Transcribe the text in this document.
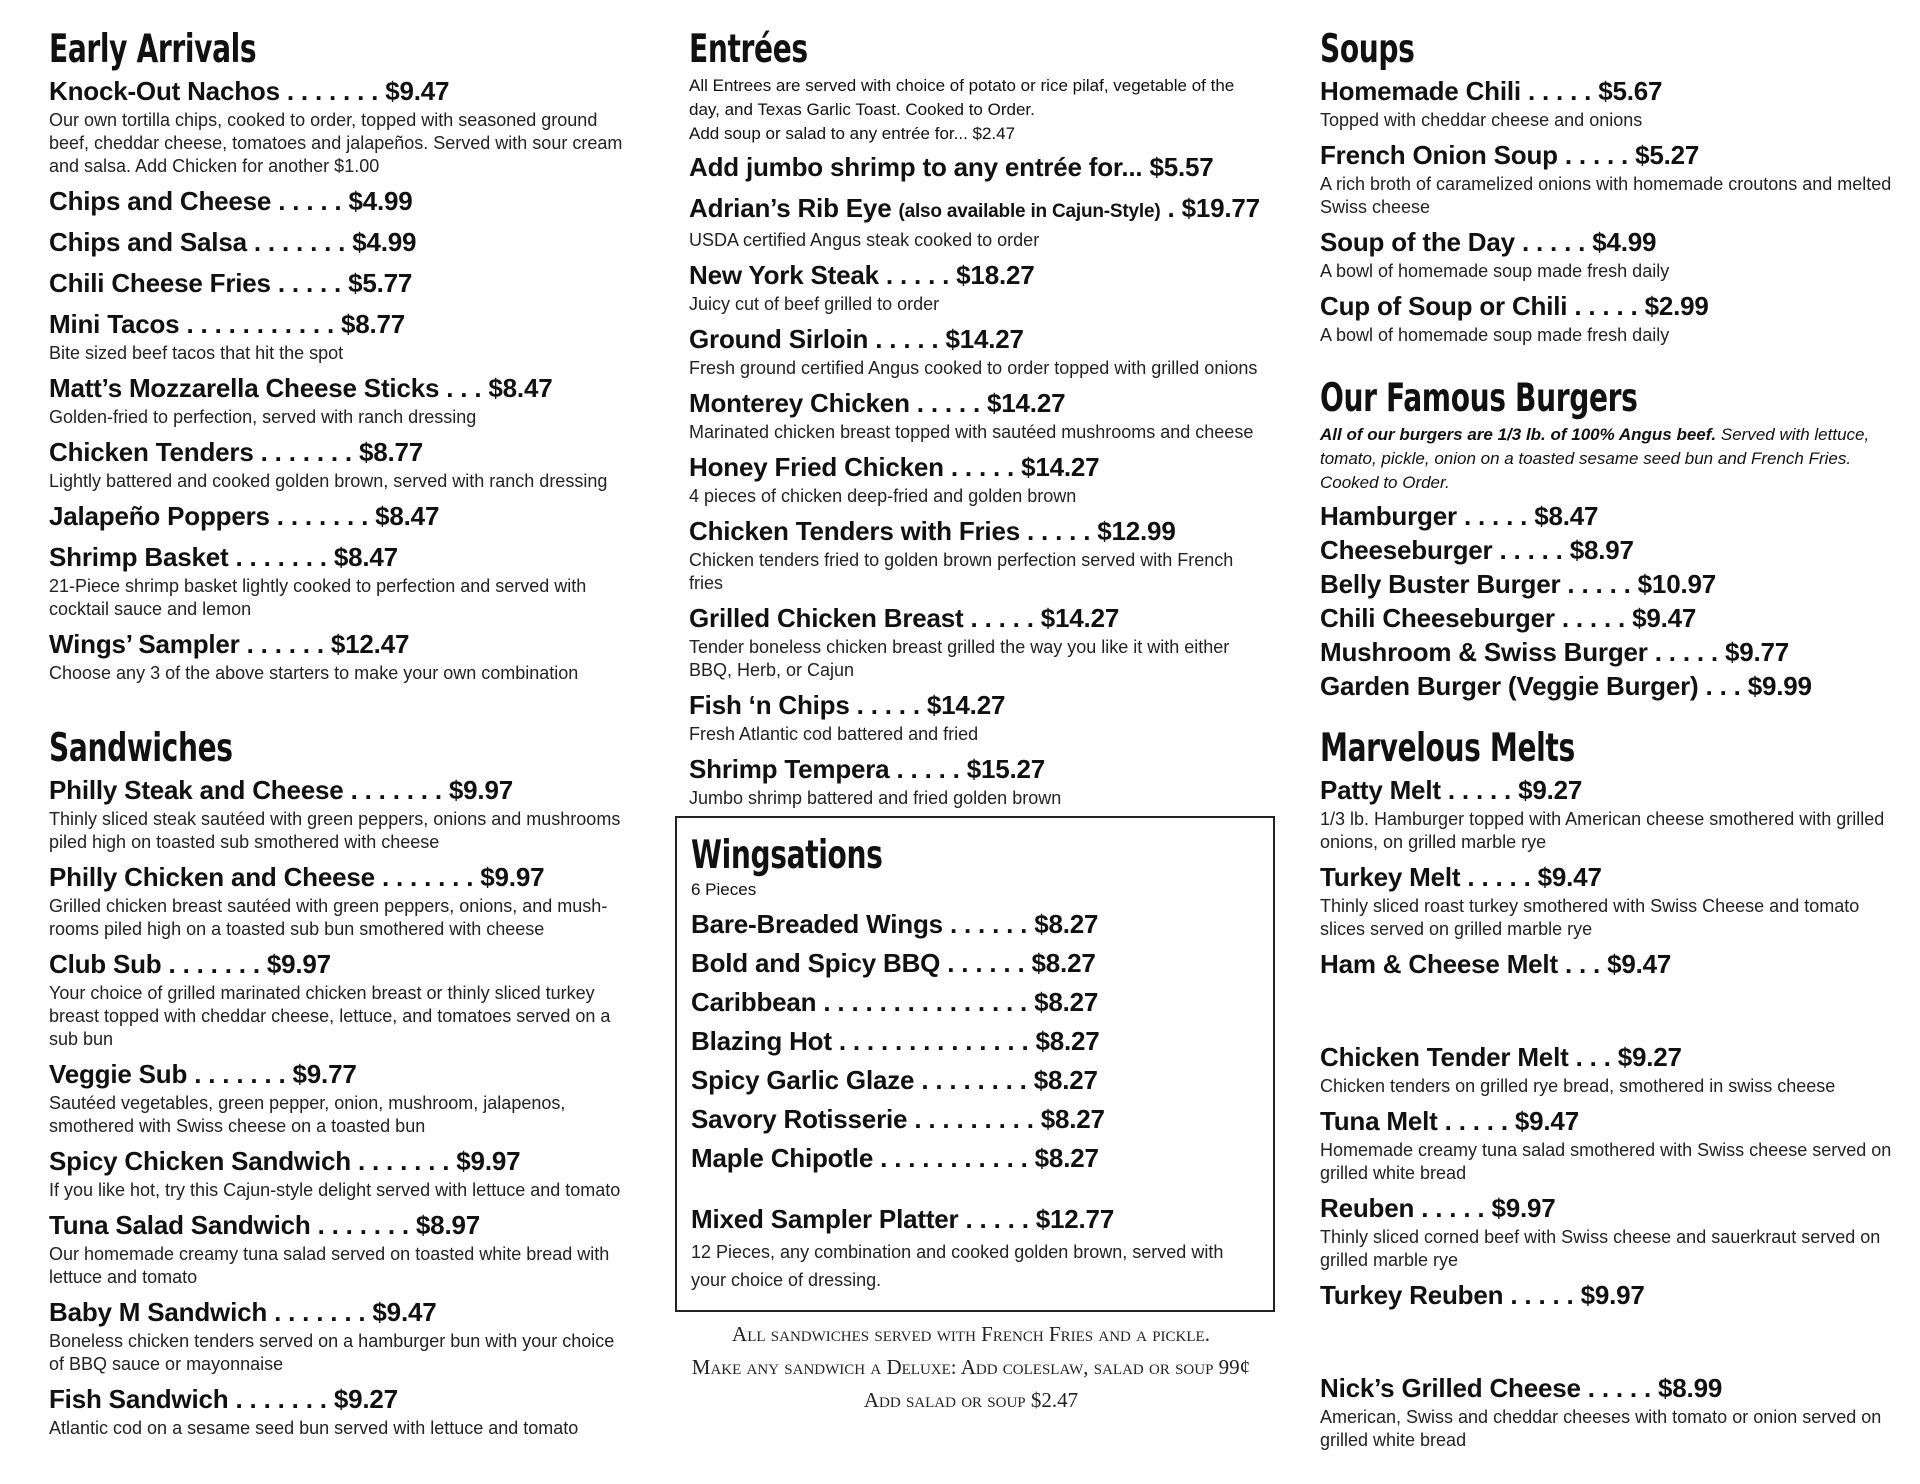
Early Arrivals
Knock-Out Nachos . . . . . . . $9.47
Our own tortilla chips, cooked to order, topped with seasoned ground beef, cheddar cheese, tomatoes and jalapeños. Served with sour cream and salsa. Add Chicken for another $1.00
Chips and Cheese . . . . . $4.99
Chips and Salsa . . . . . . . $4.99
Chili Cheese Fries . . . . . $5.77
Mini Tacos . . . . . . . . . . . $8.77
Bite sized beef tacos that hit the spot
Matt’s Mozzarella Cheese Sticks . . . $8.47
Golden-fried to perfection, served with ranch dressing
Chicken Tenders . . . . . . . $8.77
Lightly battered and cooked golden brown, served with ranch dressing
Jalapeño Poppers . . . . . . . $8.47
Shrimp Basket . . . . . . . $8.47
21-Piece shrimp basket lightly cooked to perfection and served with cocktail sauce and lemon
Wings’ Sampler . . . . . . $12.47
Choose any 3 of the above starters to make your own combination
Sandwiches
Philly Steak and Cheese . . . . . . . $9.97
Thinly sliced steak sautéed with green peppers, onions and mushrooms piled high on toasted sub smothered with cheese
Philly Chicken and Cheese . . . . . . . $9.97
Grilled chicken breast sautéed with green peppers, onions, and mush-rooms piled high on a toasted sub bun smothered with cheese
Club Sub . . . . . . . $9.97
Your choice of grilled marinated chicken breast or thinly sliced turkey breast topped with cheddar cheese, lettuce, and tomatoes served on a sub bun
Veggie Sub . . . . . . . $9.77
Sautéed vegetables, green pepper, onion, mushroom, jalapenos, smothered with Swiss cheese on a toasted bun
Spicy Chicken Sandwich . . . . . . . $9.97
If you like hot, try this Cajun-style delight served with lettuce and tomato
Tuna Salad Sandwich . . . . . . . $8.97
Our homemade creamy tuna salad served on toasted white bread with lettuce and tomato
Baby M Sandwich . . . . . . . $9.47
Boneless chicken tenders served on a hamburger bun with your choice of BBQ sauce or mayonnaise
Fish Sandwich . . . . . . . $9.27
Atlantic cod on a sesame seed bun served with lettuce and tomato
Entrées
All Entrees are served with choice of potato or rice pilaf, vegetable of the day, and Texas Garlic Toast. Cooked to Order.
Add soup or salad to any entrée for... $2.47
Add jumbo shrimp to any entrée for... $5.57
Adrian’s Rib Eye (also available in Cajun-Style) . $19.77
USDA certified Angus steak cooked to order
New York Steak . . . . . $18.27
Juicy cut of beef grilled to order
Ground Sirloin . . . . . $14.27
Fresh ground certified Angus cooked to order topped with grilled onions
Monterey Chicken . . . . . $14.27
Marinated chicken breast topped with sautéed mushrooms and cheese
Honey Fried Chicken . . . . . $14.27
4 pieces of chicken deep-fried and golden brown
Chicken Tenders with Fries . . . . . $12.99
Chicken tenders fried to golden brown perfection served with French fries
Grilled Chicken Breast . . . . . $14.27
Tender boneless chicken breast grilled the way you like it with either BBQ, Herb, or Cajun
Fish ‘n Chips . . . . . $14.27
Fresh Atlantic cod battered and fried
Shrimp Tempera . . . . . $15.27
Jumbo shrimp battered and fried golden brown
Wingsations
6 Pieces
Bare-Breaded Wings . . . . . . $8.27
Bold and Spicy BBQ . . . . . . $8.27
Caribbean . . . . . . . . . . . . . . . $8.27
Blazing Hot . . . . . . . . . . . . . . $8.27
Spicy Garlic Glaze . . . . . . . . $8.27
Savory Rotisserie . . . . . . . . . $8.27
Maple Chipotle . . . . . . . . . . . $8.27
Mixed Sampler Platter . . . . . $12.77
12 Pieces, any combination and cooked golden brown, served with your choice of dressing.
All sandwiches served with French Fries and a pickle.
Make any sandwich a Deluxe: Add coleslaw, salad or soup 99¢
Add salad or soup $2.47
Soups
Homemade Chili . . . . . $5.67
Topped with cheddar cheese and onions
French Onion Soup . . . . . $5.27
A rich broth of caramelized onions with homemade croutons and melted Swiss cheese
Soup of the Day . . . . . $4.99
A bowl of homemade soup made fresh daily
Cup of Soup or Chili . . . . . $2.99
A bowl of homemade soup made fresh daily
Our Famous Burgers
All of our burgers are 1/3 lb. of 100% Angus beef. Served with lettuce, tomato, pickle, onion on a toasted sesame seed bun and French Fries. Cooked to Order.
Hamburger . . . . . $8.47
Cheeseburger . . . . . $8.97
Belly Buster Burger . . . . . $10.97
Chili Cheeseburger . . . . . $9.47
Mushroom & Swiss Burger . . . . . $9.77
Garden Burger (Veggie Burger) . . . $9.99
Marvelous Melts
Patty Melt . . . . . $9.27
1/3 lb. Hamburger topped with American cheese smothered with grilled onions, on grilled marble rye
Turkey Melt . . . . . $9.47
Thinly sliced roast turkey smothered with Swiss Cheese and tomato slices served on grilled marble rye
Ham & Cheese Melt . . . $9.47
Chicken Tender Melt . . . $9.27
Chicken tenders on grilled rye bread, smothered in swiss cheese
Tuna Melt . . . . . $9.47
Homemade creamy tuna salad smothered with Swiss cheese served on grilled white bread
Reuben . . . . . $9.97
Thinly sliced corned beef with Swiss cheese and sauerkraut served on grilled marble rye
Turkey Reuben . . . . . $9.97
Nick’s Grilled Cheese . . . . . $8.99
American, Swiss and cheddar cheeses with tomato or onion served on grilled white bread
